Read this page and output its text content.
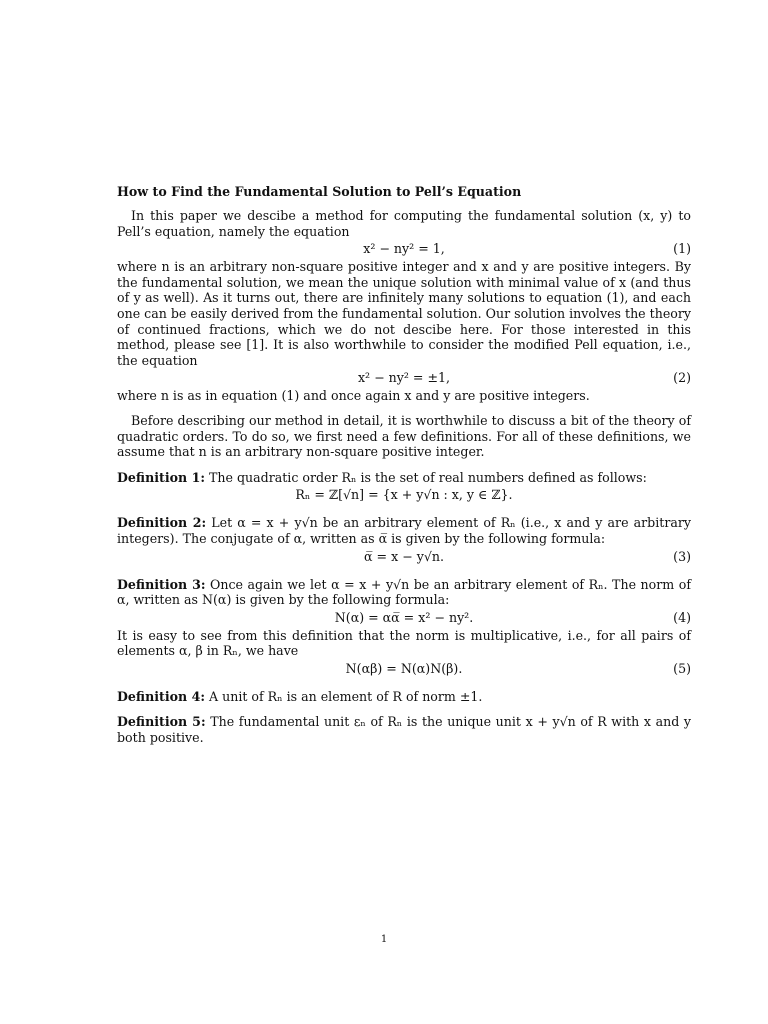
How to Find the Fundamental Solution to Pell’s Equation

In this paper we descibe a method for computing the fundamental solution (x, y) to Pell’s equation, namely the equation

x² − ny² = 1,	(1)

where n is an arbitrary non-square positive integer and x and y are positive integers. By the fundamental solution, we mean the unique solution with minimal value of x (and thus of y as well). As it turns out, there are infinitely many solutions to equation (1), and each one can be easily derived from the fundamental solution. Our solution involves the theory of continued fractions, which we do not descibe here. For those interested in this method, please see [1]. It is also worthwhile to consider the modified Pell equation, i.e., the equation

x² − ny² = ±1,	(2)

where n is as in equation (1) and once again x and y are positive integers.

Before describing our method in detail, it is worthwhile to discuss a bit of the theory of quadratic orders. To do so, we first need a few definitions. For all of these definitions, we assume that n is an arbitrary non-square positive integer.

Definition 1: The quadratic order Rₙ is the set of real numbers defined as follows:

Rₙ = ℤ[√n] = {x + y√n : x, y ∈ ℤ}.

Definition 2: Let α = x + y√n be an arbitrary element of Rₙ (i.e., x and y are arbitrary integers). The conjugate of α, written as α̅ is given by the following formula:

α̅ = x − y√n.	(3)

Definition 3: Once again we let α = x + y√n be an arbitrary element of Rₙ. The norm of α, written as N(α) is given by the following formula:

N(α) = αα̅ = x² − ny².	(4)

It is easy to see from this definition that the norm is multiplicative, i.e., for all pairs of elements α, β in Rₙ, we have

N(αβ) = N(α)N(β).	(5)

Definition 4: A unit of Rₙ is an element of R of norm ±1.

Definition 5: The fundamental unit εₙ of Rₙ is the unique unit x + y√n of R with x and y both positive.

1
